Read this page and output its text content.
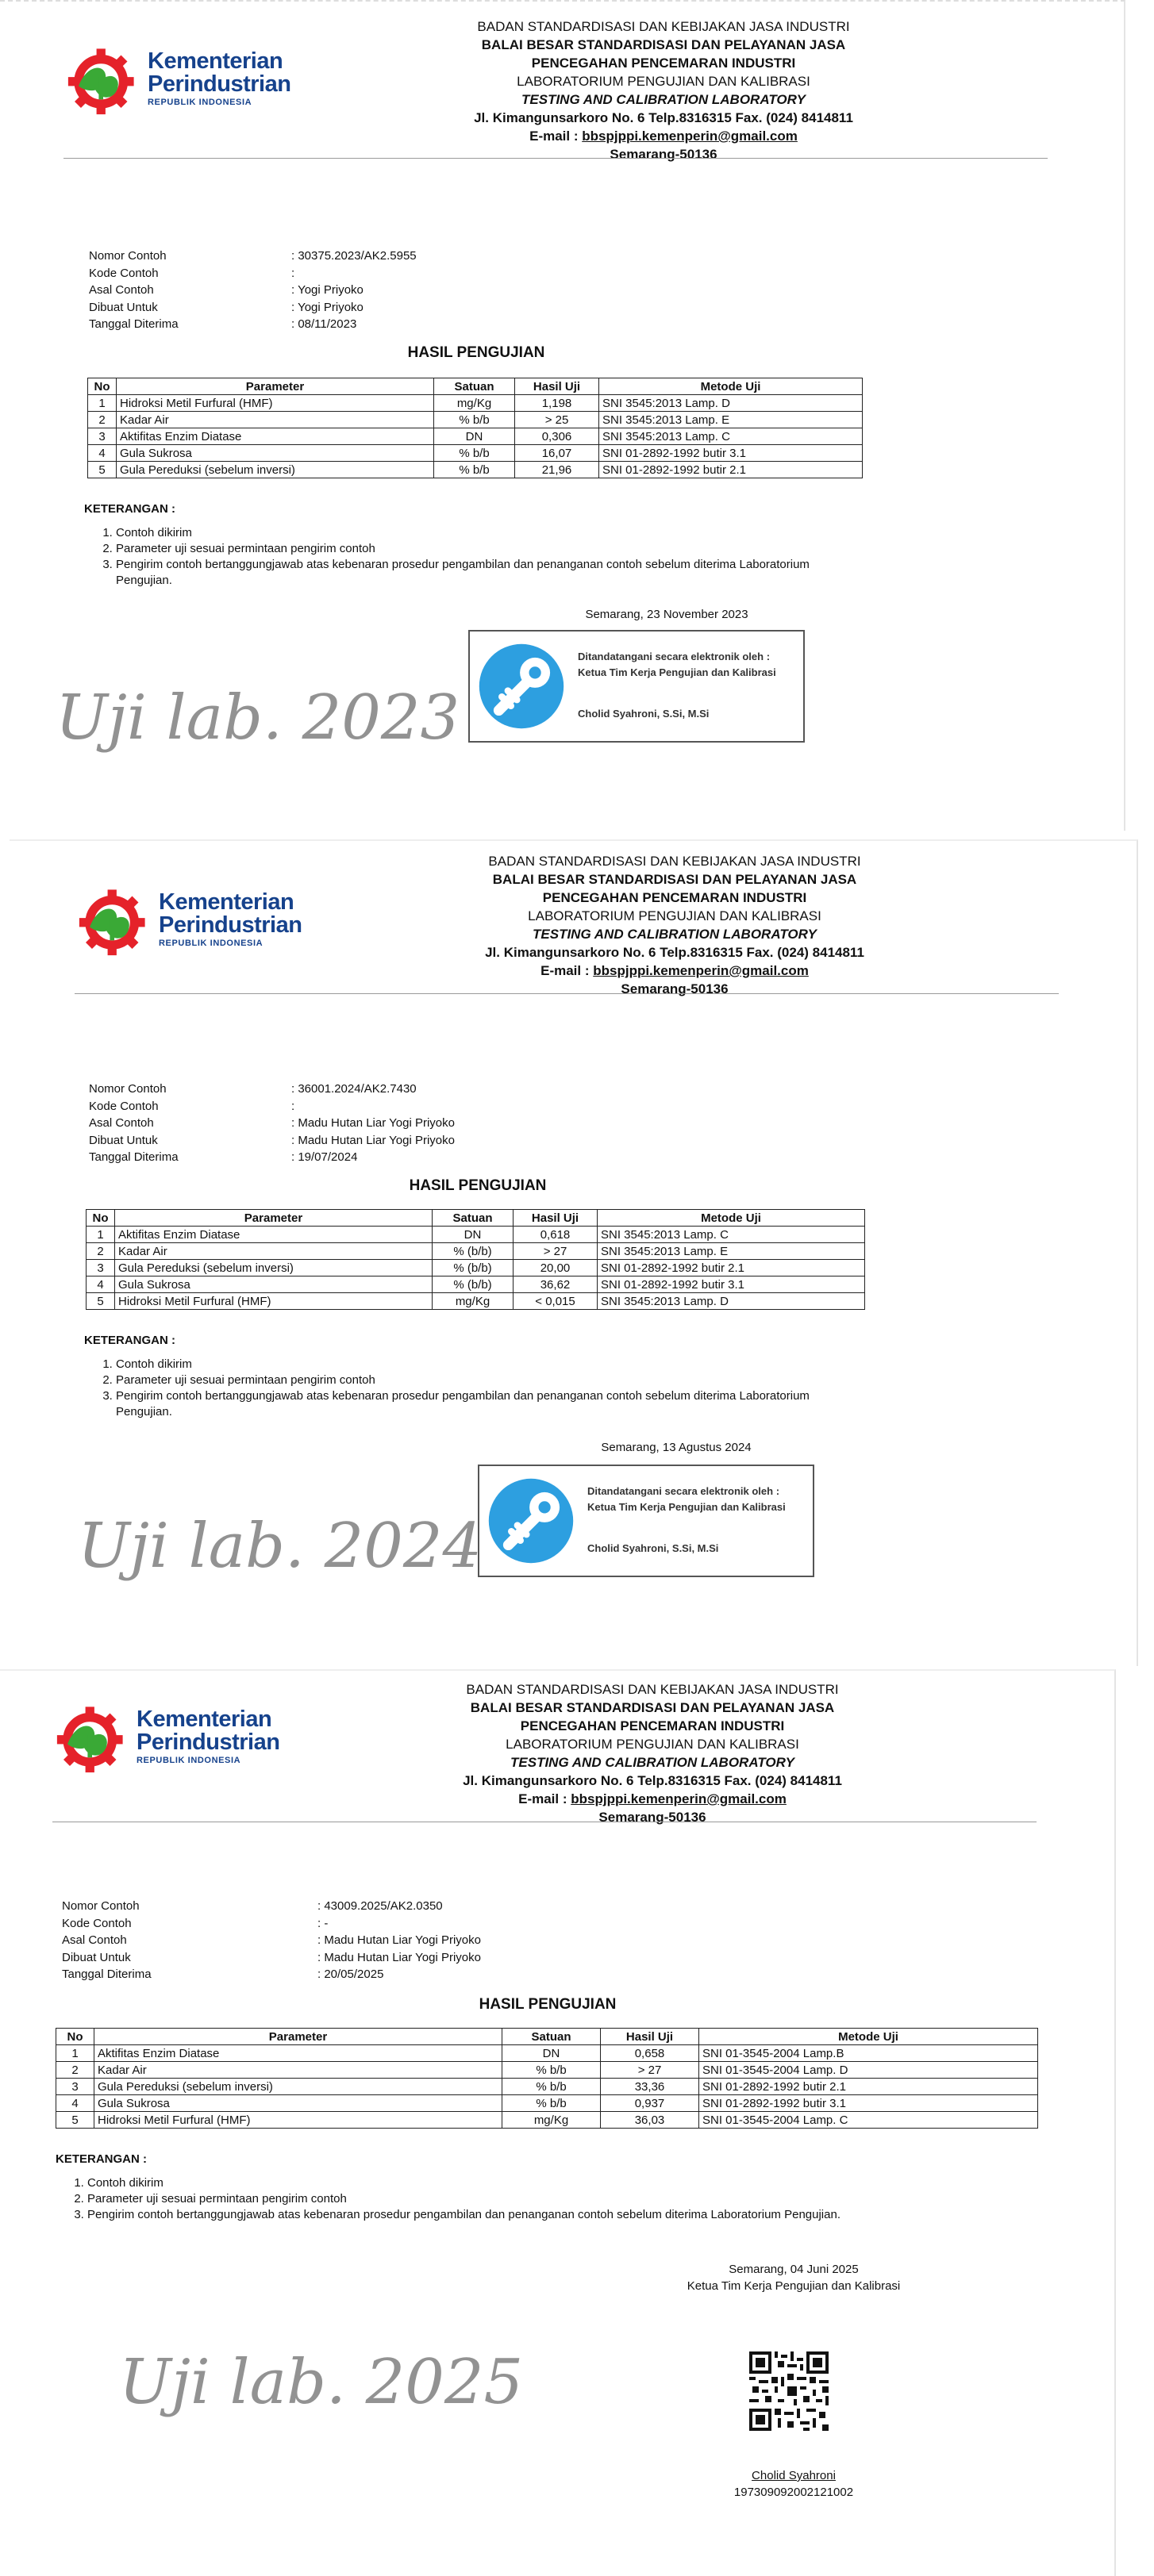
Kementerian
Perindustrian
REPUBLIK INDONESIA
BADAN STANDARDISASI DAN KEBIJAKAN JASA INDUSTRI
BALAI BESAR STANDARDISASI DAN PELAYANAN JASA
PENCEGAHAN PENCEMARAN INDUSTRI
LABORATORIUM PENGUJIAN DAN KALIBRASI
TESTING AND CALIBRATION LABORATORY
Jl. Kimangunsarkoro No. 6 Telp.8316315 Fax. (024) 8414811
E-mail : bbspjppi.kemenperin@gmail.com
Semarang-50136
Nomor Contoh	: 30375.2023/AK2.5955
Kode Contoh	:
Asal Contoh	: Yogi Priyoko
Dibuat Untuk	: Yogi Priyoko
Tanggal Diterima	: 08/11/2023
HASIL PENGUJIAN
No	Parameter	Satuan	Hasil Uji	Metode Uji
1	Hidroksi Metil Furfural (HMF)	mg/Kg	1,198	SNI 3545:2013 Lamp. D
2	Kadar Air	% b/b	> 25	SNI 3545:2013 Lamp. E
3	Aktifitas Enzim Diatase	DN	0,306	SNI 3545:2013 Lamp. C
4	Gula Sukrosa	% b/b	16,07	SNI 01-2892-1992 butir 3.1
5	Gula Pereduksi (sebelum inversi)	% b/b	21,96	SNI 01-2892-1992 butir 2.1
KETERANGAN :
1. Contoh dikirim
2. Parameter uji sesuai permintaan pengirim contoh
3. Pengirim contoh bertanggungjawab atas kebenaran prosedur pengambilan dan penanganan contoh sebelum diterima Laboratorium Pengujian.
Semarang, 23 November 2023
Ditandatangani secara elektronik oleh :
Ketua Tim Kerja Pengujian dan Kalibrasi
Cholid Syahroni, S.Si, M.Si
Uji lab. 2023
Kementerian
Perindustrian
REPUBLIK INDONESIA
BADAN STANDARDISASI DAN KEBIJAKAN JASA INDUSTRI
BALAI BESAR STANDARDISASI DAN PELAYANAN JASA
PENCEGAHAN PENCEMARAN INDUSTRI
LABORATORIUM PENGUJIAN DAN KALIBRASI
TESTING AND CALIBRATION LABORATORY
Jl. Kimangunsarkoro No. 6 Telp.8316315 Fax. (024) 8414811
E-mail : bbspjppi.kemenperin@gmail.com
Semarang-50136
Nomor Contoh	: 36001.2024/AK2.7430
Kode Contoh	:
Asal Contoh	: Madu Hutan Liar Yogi Priyoko
Dibuat Untuk	: Madu Hutan Liar Yogi Priyoko
Tanggal Diterima	: 19/07/2024
HASIL PENGUJIAN
No	Parameter	Satuan	Hasil Uji	Metode Uji
1	Aktifitas Enzim Diatase	DN	0,618	SNI 3545:2013 Lamp. C
2	Kadar Air	% (b/b)	> 27	SNI 3545:2013 Lamp. E
3	Gula Pereduksi (sebelum inversi)	% (b/b)	20,00	SNI 01-2892-1992 butir 2.1
4	Gula Sukrosa	% (b/b)	36,62	SNI 01-2892-1992 butir 3.1
5	Hidroksi Metil Furfural (HMF)	mg/Kg	< 0,015	SNI 3545:2013 Lamp. D
KETERANGAN :
1. Contoh dikirim
2. Parameter uji sesuai permintaan pengirim contoh
3. Pengirim contoh bertanggungjawab atas kebenaran prosedur pengambilan dan penanganan contoh sebelum diterima Laboratorium Pengujian.
Semarang, 13 Agustus 2024
Ditandatangani secara elektronik oleh :
Ketua Tim Kerja Pengujian dan Kalibrasi
Cholid Syahroni, S.Si, M.Si
Uji lab. 2024
Kementerian
Perindustrian
REPUBLIK INDONESIA
BADAN STANDARDISASI DAN KEBIJAKAN JASA INDUSTRI
BALAI BESAR STANDARDISASI DAN PELAYANAN JASA
PENCEGAHAN PENCEMARAN INDUSTRI
LABORATORIUM PENGUJIAN DAN KALIBRASI
TESTING AND CALIBRATION LABORATORY
Jl. Kimangunsarkoro No. 6 Telp.8316315 Fax. (024) 8414811
E-mail : bbspjppi.kemenperin@gmail.com
Semarang-50136
Nomor Contoh	: 43009.2025/AK2.0350
Kode Contoh	: -
Asal Contoh	: Madu Hutan Liar Yogi Priyoko
Dibuat Untuk	: Madu Hutan Liar Yogi Priyoko
Tanggal Diterima	: 20/05/2025
HASIL PENGUJIAN
No	Parameter	Satuan	Hasil Uji	Metode Uji
1	Aktifitas Enzim Diatase	DN	0,658	SNI 01-3545-2004 Lamp.B
2	Kadar Air	% b/b	> 27	SNI 01-3545-2004 Lamp. D
3	Gula Pereduksi (sebelum inversi)	% b/b	33,36	SNI 01-2892-1992 butir 2.1
4	Gula Sukrosa	% b/b	0,937	SNI 01-2892-1992 butir 3.1
5	Hidroksi Metil Furfural (HMF)	mg/Kg	36,03	SNI 01-3545-2004 Lamp. C
KETERANGAN :
1. Contoh dikirim
2. Parameter uji sesuai permintaan pengirim contoh
3. Pengirim contoh bertanggungjawab atas kebenaran prosedur pengambilan dan penanganan contoh sebelum diterima Laboratorium Pengujian.
Semarang, 04 Juni 2025
Ketua Tim Kerja Pengujian dan Kalibrasi
Cholid Syahroni
197309092002121002
Uji lab. 2025
